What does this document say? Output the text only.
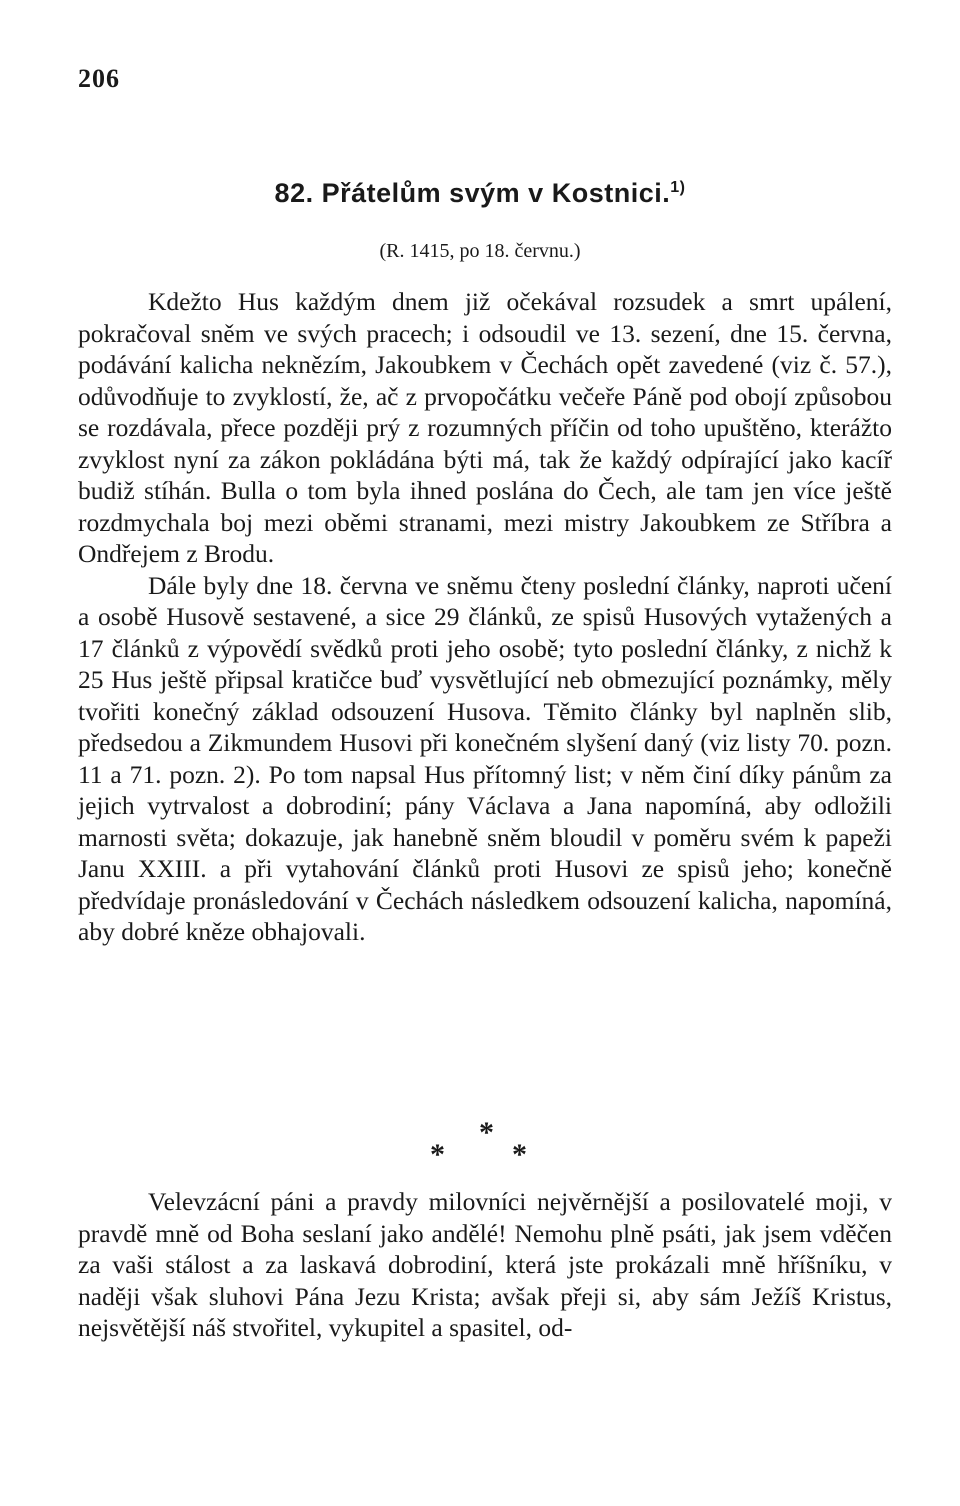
206
82. Přátelům svým v Kostnici.$^{1)}$
(R. 1415, po 18. červnu.)

Kdežto Hus každým dnem již očekával rozsudek a smrt upálení, pokračoval sněm ve svých pracech; i odsoudil ve 13. sezení, dne 15. června, podávání kalicha neknězím, Jakoubkem v Čechách opět zavedené (viz č. 57.), odůvodňuje to zvyklostí, že, ač z prvopočátku večeře Páně pod obojí způsobou se rozdávala, přece později prý z rozumných příčin od toho upuštěno, kterážto zvyklost nyní za zákon pokládána býti má, tak že každý odpírající jako kacíř budiž stíhán. Bulla o tom byla ihned poslána do Čech, ale tam jen více ještě rozdmychala boj mezi oběmi stranami, mezi mistry Jakoubkem ze Stříbra a Ondřejem z Brodu.

Dále byly dne 18. června ve sněmu čteny poslední články, naproti učení a osobě Husově sestavené, a sice 29 článků, ze spisů Husových vytažených a 17 článků z výpovědí svědků proti jeho osobě; tyto poslední články, z nichž k 25 Hus ještě připsal kratičce buď vysvětlující neb obmezující poznámky, měly tvořiti konečný základ odsouzení Husova. Těmito články byl naplněn slib, předsedou a Zikmundem Husovi při konečném slyšení daný (viz listy 70. pozn. 11 a 71. pozn. 2). Po tom napsal Hus přítomný list; v něm činí díky pánům za jejich vytrvalost a dobrodiní; pány Václava a Jana napomíná, aby odložili marnosti světa; dokazuje, jak hanebně sněm bloudil v poměru svém k papeži Janu XXIII. a při vytahování článků proti Husovi ze spisů jeho; konečně předvídaje pronásledování v Čechách následkem odsouzení kalicha, napomíná, aby dobré kněze obhajovali.

*
* *

Velevzácní páni a pravdy milovníci nejvěrnější a posilovatelé moji, v pravdě mně od Boha seslaní jako andělé! Nemohu plně psáti, jak jsem vděčen za vaši stálost a za laskavá dobrodiní, která jste prokázali mně hříšníku, v naději však sluhovi Pána Jezu Krista; avšak přeji si, aby sám Ježíš Kristus, nejsvětější náš stvořitel, vykupitel a spasitel, od-
